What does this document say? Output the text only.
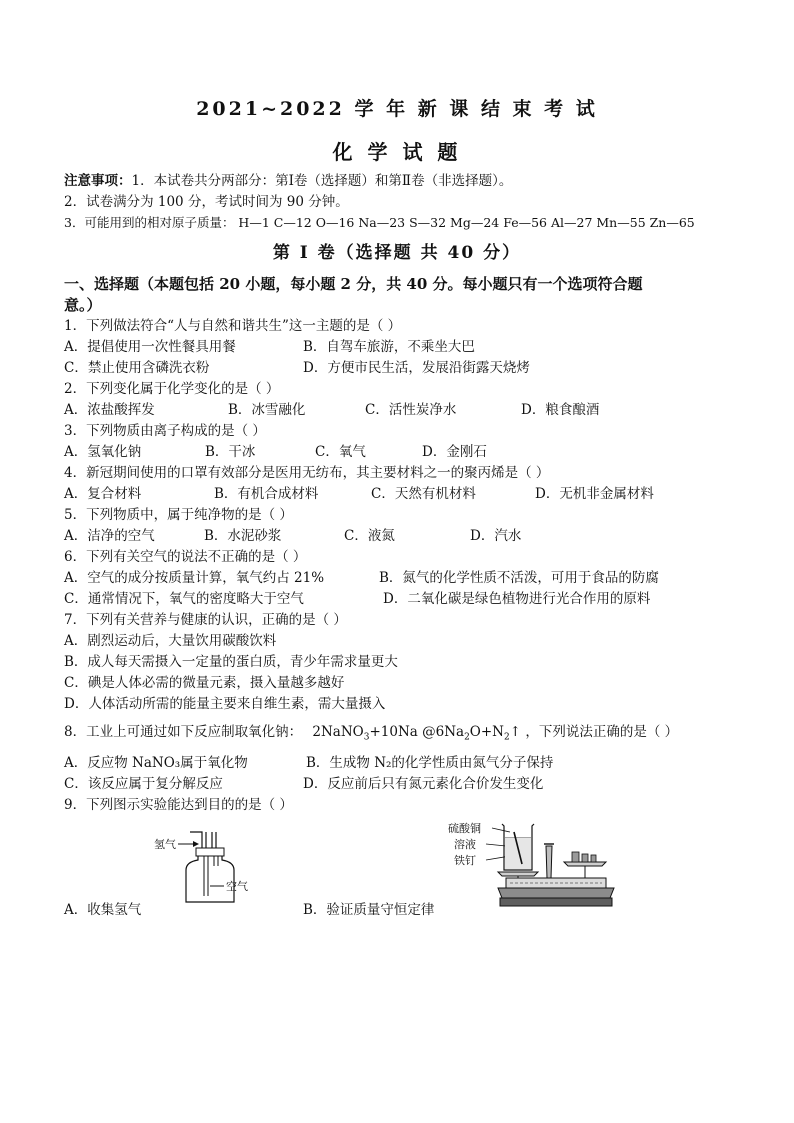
2021~2022 学 年 新 课 结 束 考 试
化 学 试 题
注意事项：1．本试卷共分两部分：第Ⅰ卷（选择题）和第Ⅱ卷（非选择题）。
2．试卷满分为 100 分，考试时间为 90 分钟。
3．可能用到的相对原子质量： H—1 C—12 O—16 Na—23 S—32 Mg—24 Fe—56 Al—27 Mn—55 Zn—65
第 Ⅰ 卷（选择题 共 40 分）
一、选择题（本题包括 20 小题，每小题 2 分，共 40 分。每小题只有一个选项符合题
意。）
1．下列做法符合“人与自然和谐共生”这一主题的是（ ）
A．提倡使用一次性餐具用餐	B．自驾车旅游，不乘坐大巴
C．禁止使用含磷洗衣粉	D．方便市民生活，发展沿街露天烧烤
2．下列变化属于化学变化的是（ ）
A．浓盐酸挥发	B．冰雪融化	C．活性炭净水	D．粮食酿酒
3．下列物质由离子构成的是（ ）
A．氢氧化钠	B．干冰	C．氧气	D．金刚石
4．新冠期间使用的口罩有效部分是医用无纺布，其主要材料之一的聚丙烯是（ ）
A．复合材料	B．有机合成材料	C．天然有机材料	D．无机非金属材料
5．下列物质中，属于纯净物的是（ ）
A．洁净的空气	B．水泥砂浆	C．液氮	D．汽水
6．下列有关空气的说法不正确的是（ ）
A．空气的成分按质量计算，氧气约占 21%	B．氮气的化学性质不活泼，可用于食品的防腐
C．通常情况下，氧气的密度略大于空气	D．二氧化碳是绿色植物进行光合作用的原料
7．下列有关营养与健康的认识，正确的是（ ）
A．剧烈运动后，大量饮用碳酸饮料
B．成人每天需摄入一定量的蛋白质，青少年需求量更大
C．碘是人体必需的微量元素，摄入量越多越好
D．人体活动所需的能量主要来自维生素，需大量摄入
8．工业上可通过如下反应制取氧化钠： 2NaNO$_3$+10Na $@6Na_2O+N_2↑$ ，下列说法正确的是（ ）
A．反应物 NaNO₃属于氧化物	B．生成物 N₂的化学性质由氮气分子保持
C．该反应属于复分解反应	D．反应前后只有氮元素化合价发生变化
9．下列图示实验能达到目的的是（ ）
氢气
空气
硫酸铜
溶液
铁钉
A．收集氢气	B．验证质量守恒定律
